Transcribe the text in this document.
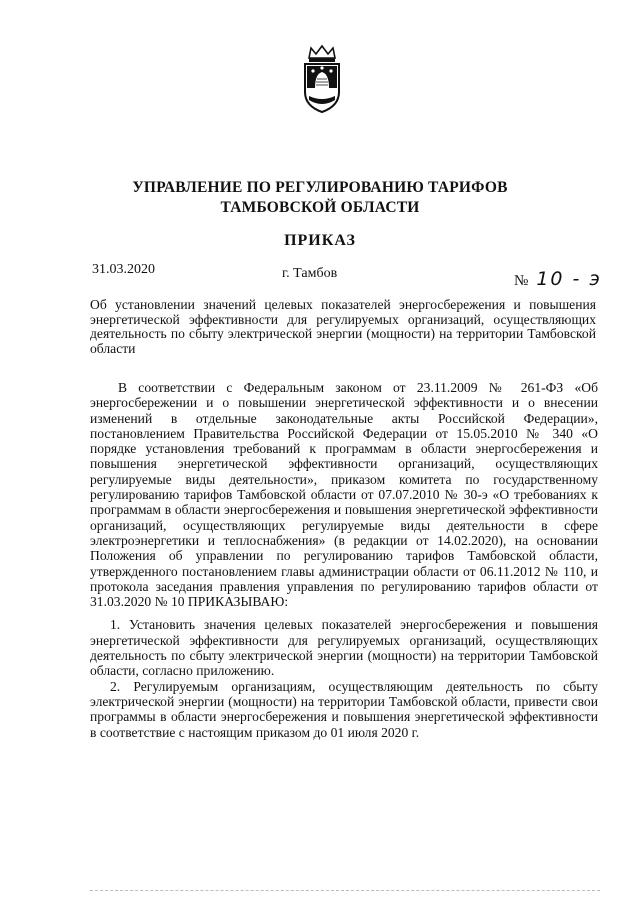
УПРАВЛЕНИЕ ПО РЕГУЛИРОВАНИЮ ТАРИФОВ
ТАМБОВСКОЙ ОБЛАСТИ
ПРИКАЗ
31.03.2020	г. Тамбов	№ 10 - э
Об установлении значений целевых показателей энергосбережения и повышения энергетической эффективности для регулируемых организаций, осуществляющих деятельность по сбыту электрической энергии (мощности) на территории Тамбовской области

В соответствии с Федеральным законом от 23.11.2009 № 261-ФЗ «Об энергосбережении и о повышении энергетической эффективности и о внесении изменений в отдельные законодательные акты Российской Федерации», постановлением Правительства Российской Федерации от 15.05.2010 № 340 «О порядке установления требований к программам в области энергосбережения и повышения энергетической эффективности организаций, осуществляющих регулируемые виды деятельности», приказом комитета по государственному регулированию тарифов Тамбовской области от 07.07.2010 № 30-э «О требованиях к программам в области энергосбережения и повышения энергетической эффективности организаций, осуществляющих регулируемые виды деятельности в сфере электроэнергетики и теплоснабжения» (в редакции от 14.02.2020), на основании Положения об управлении по регулированию тарифов Тамбовской области, утвержденного постановлением главы администрации области от 06.11.2012 № 110, и протокола заседания правления управления по регулированию тарифов области от 31.03.2020 № 10 ПРИКАЗЫВАЮ:

1. Установить значения целевых показателей энергосбережения и повышения энергетической эффективности для регулируемых организаций, осуществляющих деятельность по сбыту электрической энергии (мощности) на территории Тамбовской области, согласно приложению.

2. Регулируемым организациям, осуществляющим деятельность по сбыту электрической энергии (мощности) на территории Тамбовской области, привести свои программы в области энергосбережения и повышения энергетической эффективности в соответствие с настоящим приказом до 01 июля 2020 г.
